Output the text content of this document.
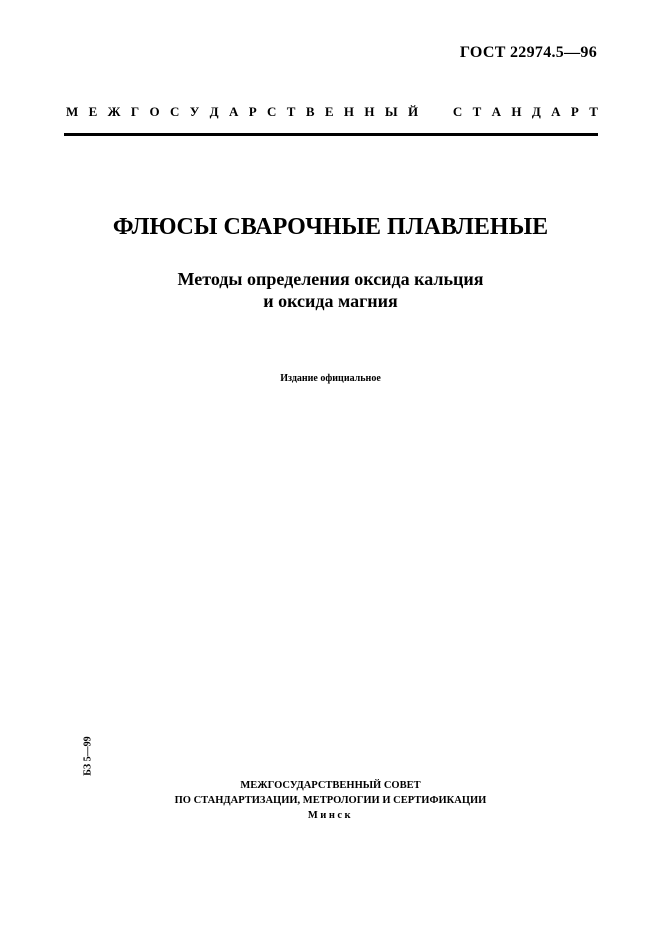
ГОСТ 22974.5—96
М Е Ж Г О С У Д А Р С Т В Е Н Н Ы Й	С Т А Н Д А Р Т
ФЛЮСЫ СВАРОЧНЫЕ ПЛАВЛЕНЫЕ
Методы определения оксида кальция
и оксида магния
Издание официальное
БЗ 5—99
МЕЖГОСУДАРСТВЕННЫЙ СОВЕТ
ПО СТАНДАРТИЗАЦИИ, МЕТРОЛОГИИ И СЕРТИФИКАЦИИ
Минск
